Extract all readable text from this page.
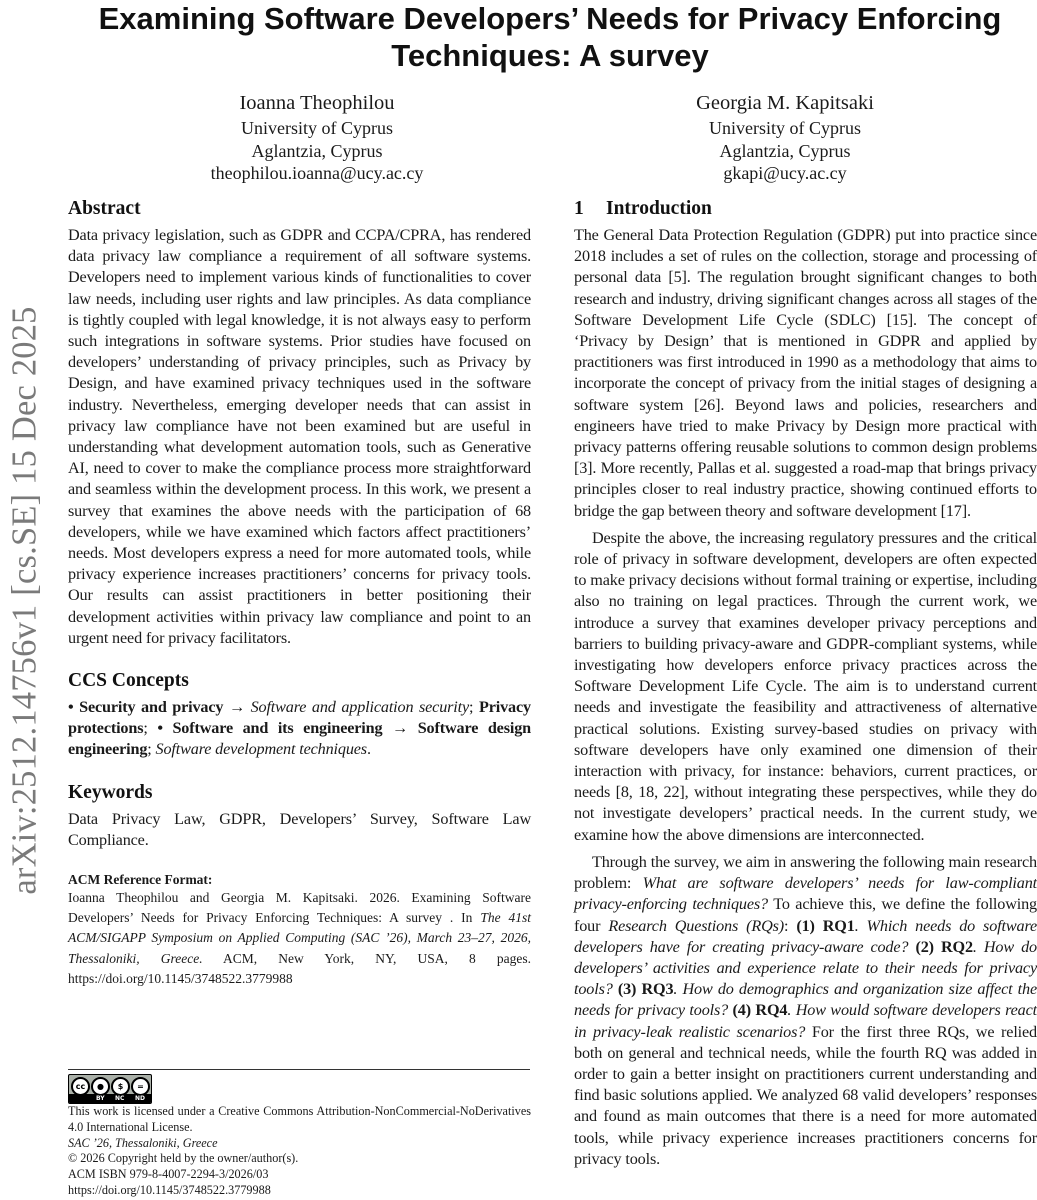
arXiv:2512.14756v1 [cs.SE] 15 Dec 2025
Examining Software Developers’ Needs for Privacy Enforcing
Techniques: A survey
Ioanna Theophilou
University of Cyprus
Aglantzia, Cyprus
theophilou.ioanna@ucy.ac.cy
Georgia M. Kapitsaki
University of Cyprus
Aglantzia, Cyprus
gkapi@ucy.ac.cy
Abstract

Data privacy legislation, such as GDPR and CCPA/CPRA, has rendered data privacy law compliance a requirement of all software systems. Developers need to implement various kinds of functionalities to cover law needs, including user rights and law principles. As data compliance is tightly coupled with legal knowledge, it is not always easy to perform such integrations in software systems. Prior studies have focused on developers’ understanding of privacy principles, such as Privacy by Design, and have examined privacy techniques used in the software industry. Nevertheless, emerging developer needs that can assist in privacy law compliance have not been examined but are useful in understanding what development automation tools, such as Generative AI, need to cover to make the compliance process more straightforward and seamless within the development process. In this work, we present a survey that examines the above needs with the participation of 68 developers, while we have examined which factors affect practitioners’ needs. Most developers express a need for more automated tools, while privacy experience increases practitioners’ concerns for privacy tools. Our results can assist practitioners in better positioning their development activities within privacy law compliance and point to an urgent need for privacy facilitators.

CCS Concepts

• Security and privacy → Software and application security; Privacy protections; • Software and its engineering → Software design engineering; Software development techniques.

Keywords

Data Privacy Law, GDPR, Developers’ Survey, Software Law Compliance.

ACM Reference Format:

Ioanna Theophilou and Georgia M. Kapitsaki. 2026. Examining Software Developers’ Needs for Privacy Enforcing Techniques: A survey . In The 41st ACM/SIGAPP Symposium on Applied Computing (SAC ’26), March 23–27, 2026, Thessaloniki, Greece. ACM, New York, NY, USA, 8 pages. https://doi.org/10.1145/3748522.3779988

cc	●	$	=
BY NC ND
This work is licensed under a Creative Commons Attribution-NonCommercial-NoDerivatives 4.0 International License.
SAC ’26, Thessaloniki, Greece
© 2026 Copyright held by the owner/author(s).
ACM ISBN 979-8-4007-2294-3/2026/03
https://doi.org/10.1145/3748522.3779988
1 Introduction

The General Data Protection Regulation (GDPR) put into practice since 2018 includes a set of rules on the collection, storage and processing of personal data [5]. The regulation brought significant changes to both research and industry, driving significant changes across all stages of the Software Development Life Cycle (SDLC) [15]. The concept of ‘Privacy by Design’ that is mentioned in GDPR and applied by practitioners was first introduced in 1990 as a methodology that aims to incorporate the concept of privacy from the initial stages of designing a software system [26]. Beyond laws and policies, researchers and engineers have tried to make Privacy by Design more practical with privacy patterns offering reusable solutions to common design problems [3]. More recently, Pallas et al. suggested a road-map that brings privacy principles closer to real industry practice, showing continued efforts to bridge the gap between theory and software development [17].

Despite the above, the increasing regulatory pressures and the critical role of privacy in software development, developers are often expected to make privacy decisions without formal training or expertise, including also no training on legal practices. Through the current work, we introduce a survey that examines developer privacy perceptions and barriers to building privacy-aware and GDPR-compliant systems, while investigating how developers enforce privacy practices across the Software Development Life Cycle. The aim is to understand current needs and investigate the feasibility and attractiveness of alternative practical solutions. Existing survey-based studies on privacy with software developers have only examined one dimension of their interaction with privacy, for instance: behaviors, current practices, or needs [8, 18, 22], without integrating these perspectives, while they do not investigate developers’ practical needs. In the current study, we examine how the above dimensions are interconnected.

Through the survey, we aim in answering the following main research problem: What are software developers’ needs for law-compliant privacy-enforcing techniques? To achieve this, we define the following four Research Questions (RQs): (1) RQ1. Which needs do software developers have for creating privacy-aware code? (2) RQ2. How do developers’ activities and experience relate to their needs for privacy tools? (3) RQ3. How do demographics and organization size affect the needs for privacy tools? (4) RQ4. How would software developers react in privacy-leak realistic scenarios? For the first three RQs, we relied both on general and technical needs, while the fourth RQ was added in order to gain a better insight on practitioners current understanding and find basic solutions applied. We analyzed 68 valid developers’ responses and found as main outcomes that there is a need for more automated tools, while privacy experience increases practitioners concerns for privacy tools.
